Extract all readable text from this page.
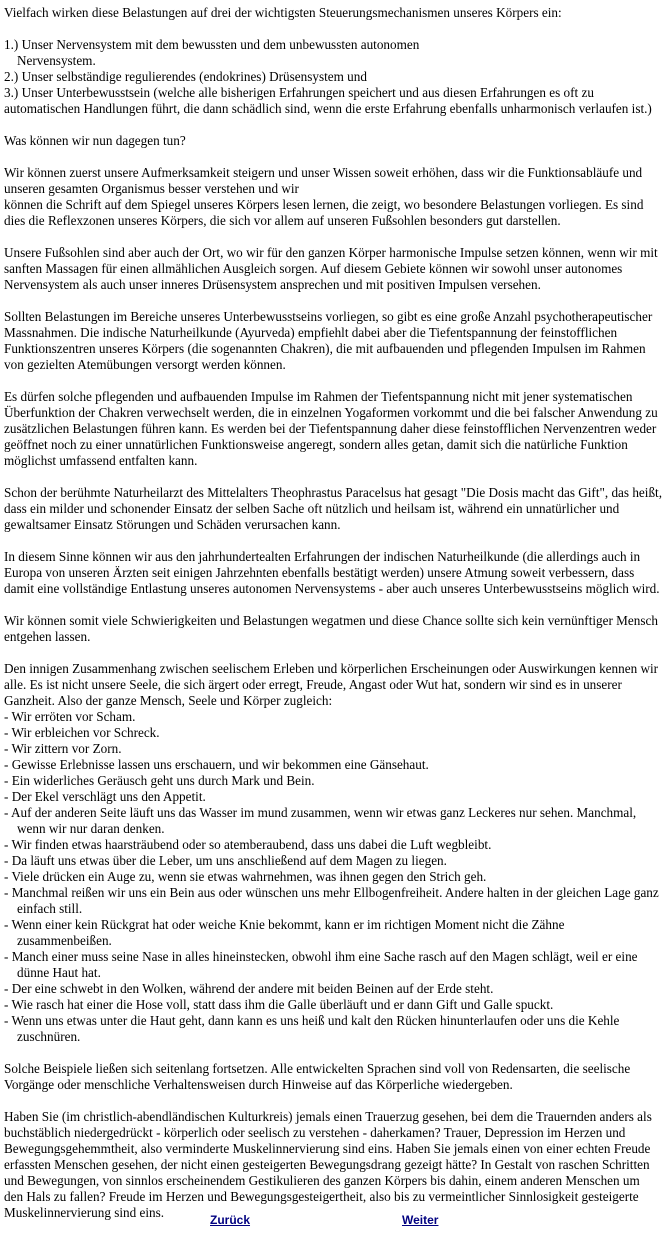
Vielfach wirken diese Belastungen auf drei der wichtigsten Steuerungsmechanismen unseres Körpers ein:

1.) Unser Nervensystem mit dem bewussten und dem unbewussten autonomen
Nervensystem.
2.) Unser selbständige regulierendes (endokrines) Drüsensystem und
3.) Unser Unterbewusstsein (welche alle bisherigen Erfahrungen speichert und aus diesen Erfahrungen es oft zu automatischen Handlungen führt, die dann schädlich sind, wenn die erste Erfahrung ebenfalls unharmonisch verlaufen ist.)

Was können wir nun dagegen tun?

Wir können zuerst unsere Aufmerksamkeit steigern und unser Wissen soweit erhöhen, dass wir die Funktionsabläufe und unseren gesamten Organismus besser verstehen und wir
können die Schrift auf dem Spiegel unseres Körpers lesen lernen, die zeigt, wo besondere Belastungen vorliegen. Es sind dies die Reflexzonen unseres Körpers, die sich vor allem auf unseren Fußsohlen besonders gut darstellen.

Unsere Fußsohlen sind aber auch der Ort, wo wir für den ganzen Körper harmonische Impulse setzen können, wenn wir mit sanften Massagen für einen allmählichen Ausgleich sorgen. Auf diesem Gebiete können wir sowohl unser autonomes Nervensystem als auch unser inneres Drüsensystem ansprechen und mit positiven Impulsen versehen.

Sollten Belastungen im Bereiche unseres Unterbewusstseins vorliegen, so gibt es eine große Anzahl psychotherapeutischer Massnahmen. Die indische Naturheilkunde (Ayurveda) empfiehlt dabei aber die Tiefentspannung der feinstofflichen Funktionszentren unseres Körpers (die sogenannten Chakren), die mit aufbauenden und pflegenden Impulsen im Rahmen von gezielten Atemübungen versorgt werden können.

Es dürfen solche pflegenden und aufbauenden Impulse im Rahmen der Tiefentspannung nicht mit jener systematischen Überfunktion der Chakren verwechselt werden, die in einzelnen Yogaformen vorkommt und die bei falscher Anwendung zu zusätzlichen Belastungen führen kann. Es werden bei der Tiefentspannung daher diese feinstofflichen Nervenzentren weder geöffnet noch zu einer unnatürlichen Funktionsweise angeregt, sondern alles getan, damit sich die natürliche Funktion möglichst umfassend entfalten kann.

Schon der berühmte Naturheilarzt des Mittelalters Theophrastus Paracelsus hat gesagt "Die Dosis macht das Gift", das heißt, dass ein milder und schonender Einsatz der selben Sache oft nützlich und heilsam ist, während ein unnatürlicher und gewaltsamer Einsatz Störungen und Schäden verursachen kann.

In diesem Sinne können wir aus den jahrhundertealten Erfahrungen der indischen Naturheilkunde (die allerdings auch in Europa von unseren Ärzten seit einigen Jahrzehnten ebenfalls bestätigt werden) unsere Atmung soweit verbessern, dass damit eine vollständige Entlastung unseres autonomen Nervensystems - aber auch unseres Unterbewusstseins möglich wird.

Wir können somit viele Schwierigkeiten und Belastungen wegatmen und diese Chance sollte sich kein vernünftiger Mensch entgehen lassen.

Den innigen Zusammenhang zwischen seelischem Erleben und körperlichen Erscheinungen oder Auswirkungen kennen wir alle. Es ist nicht unsere Seele, die sich ärgert oder erregt, Freude, Angast oder Wut hat, sondern wir sind es in unserer Ganzheit. Also der ganze Mensch, Seele und Körper zugleich:
- Wir erröten vor Scham.
- Wir erbleichen vor Schreck.
- Wir zittern vor Zorn.
- Gewisse Erlebnisse lassen uns erschauern, und wir bekommen eine Gänsehaut.
- Ein widerliches Geräusch geht uns durch Mark und Bein.
- Der Ekel verschlägt uns den Appetit.
- Auf der anderen Seite läuft uns das Wasser im mund zusammen, wenn wir etwas ganz Leckeres nur sehen. Manchmal, wenn wir nur daran denken.
- Wir finden etwas haarsträubend oder so atemberaubend, dass uns dabei die Luft wegbleibt.
- Da läuft uns etwas über die Leber, um uns anschließend auf dem Magen zu liegen.
- Viele drücken ein Auge zu, wenn sie etwas wahrnehmen, was ihnen gegen den Strich geh.
- Manchmal reißen wir uns ein Bein aus oder wünschen uns mehr Ellbogenfreiheit. Andere halten in der gleichen Lage ganz einfach still.
- Wenn einer kein Rückgrat hat oder weiche Knie bekommt, kann er im richtigen Moment nicht die Zähne zusammenbeißen.
- Manch einer muss seine Nase in alles hineinstecken, obwohl ihm eine Sache rasch auf den Magen schlägt, weil er eine dünne Haut hat.
- Der eine schwebt in den Wolken, während der andere mit beiden Beinen auf der Erde steht.
- Wie rasch hat einer die Hose voll, statt dass ihm die Galle überläuft und er dann Gift und Galle spuckt.
- Wenn uns etwas unter die Haut geht, dann kann es uns heiß und kalt den Rücken hinunterlaufen oder uns die Kehle zuschnüren.

Solche Beispiele ließen sich seitenlang fortsetzen. Alle entwickelten Sprachen sind voll von Redensarten, die seelische Vorgänge oder menschliche Verhaltensweisen durch Hinweise auf das Körperliche wiedergeben.

Haben Sie (im christlich-abendländischen Kulturkreis) jemals einen Trauerzug gesehen, bei dem die Trauernden anders als buchstäblich niedergedrückt - körperlich oder seelisch zu verstehen - daherkamen? Trauer, Depression im Herzen und Bewegungsgehemmtheit, also verminderte Muskelinnervierung sind eins. Haben Sie jemals einen von einer echten Freude erfassten Menschen gesehen, der nicht einen gesteigerten Bewegungsdrang gezeigt hätte? In Gestalt von raschen Schritten und Bewegungen, von sinnlos erscheinendem Gestikulieren des ganzen Körpers bis dahin, einem anderen Menschen um den Hals zu fallen? Freude im Herzen und Bewegungsgesteigertheit, also bis zu vermeintlicher Sinnlosigkeit gesteigerte Muskelinnervierung sind eins.	Zurück	Weiter
